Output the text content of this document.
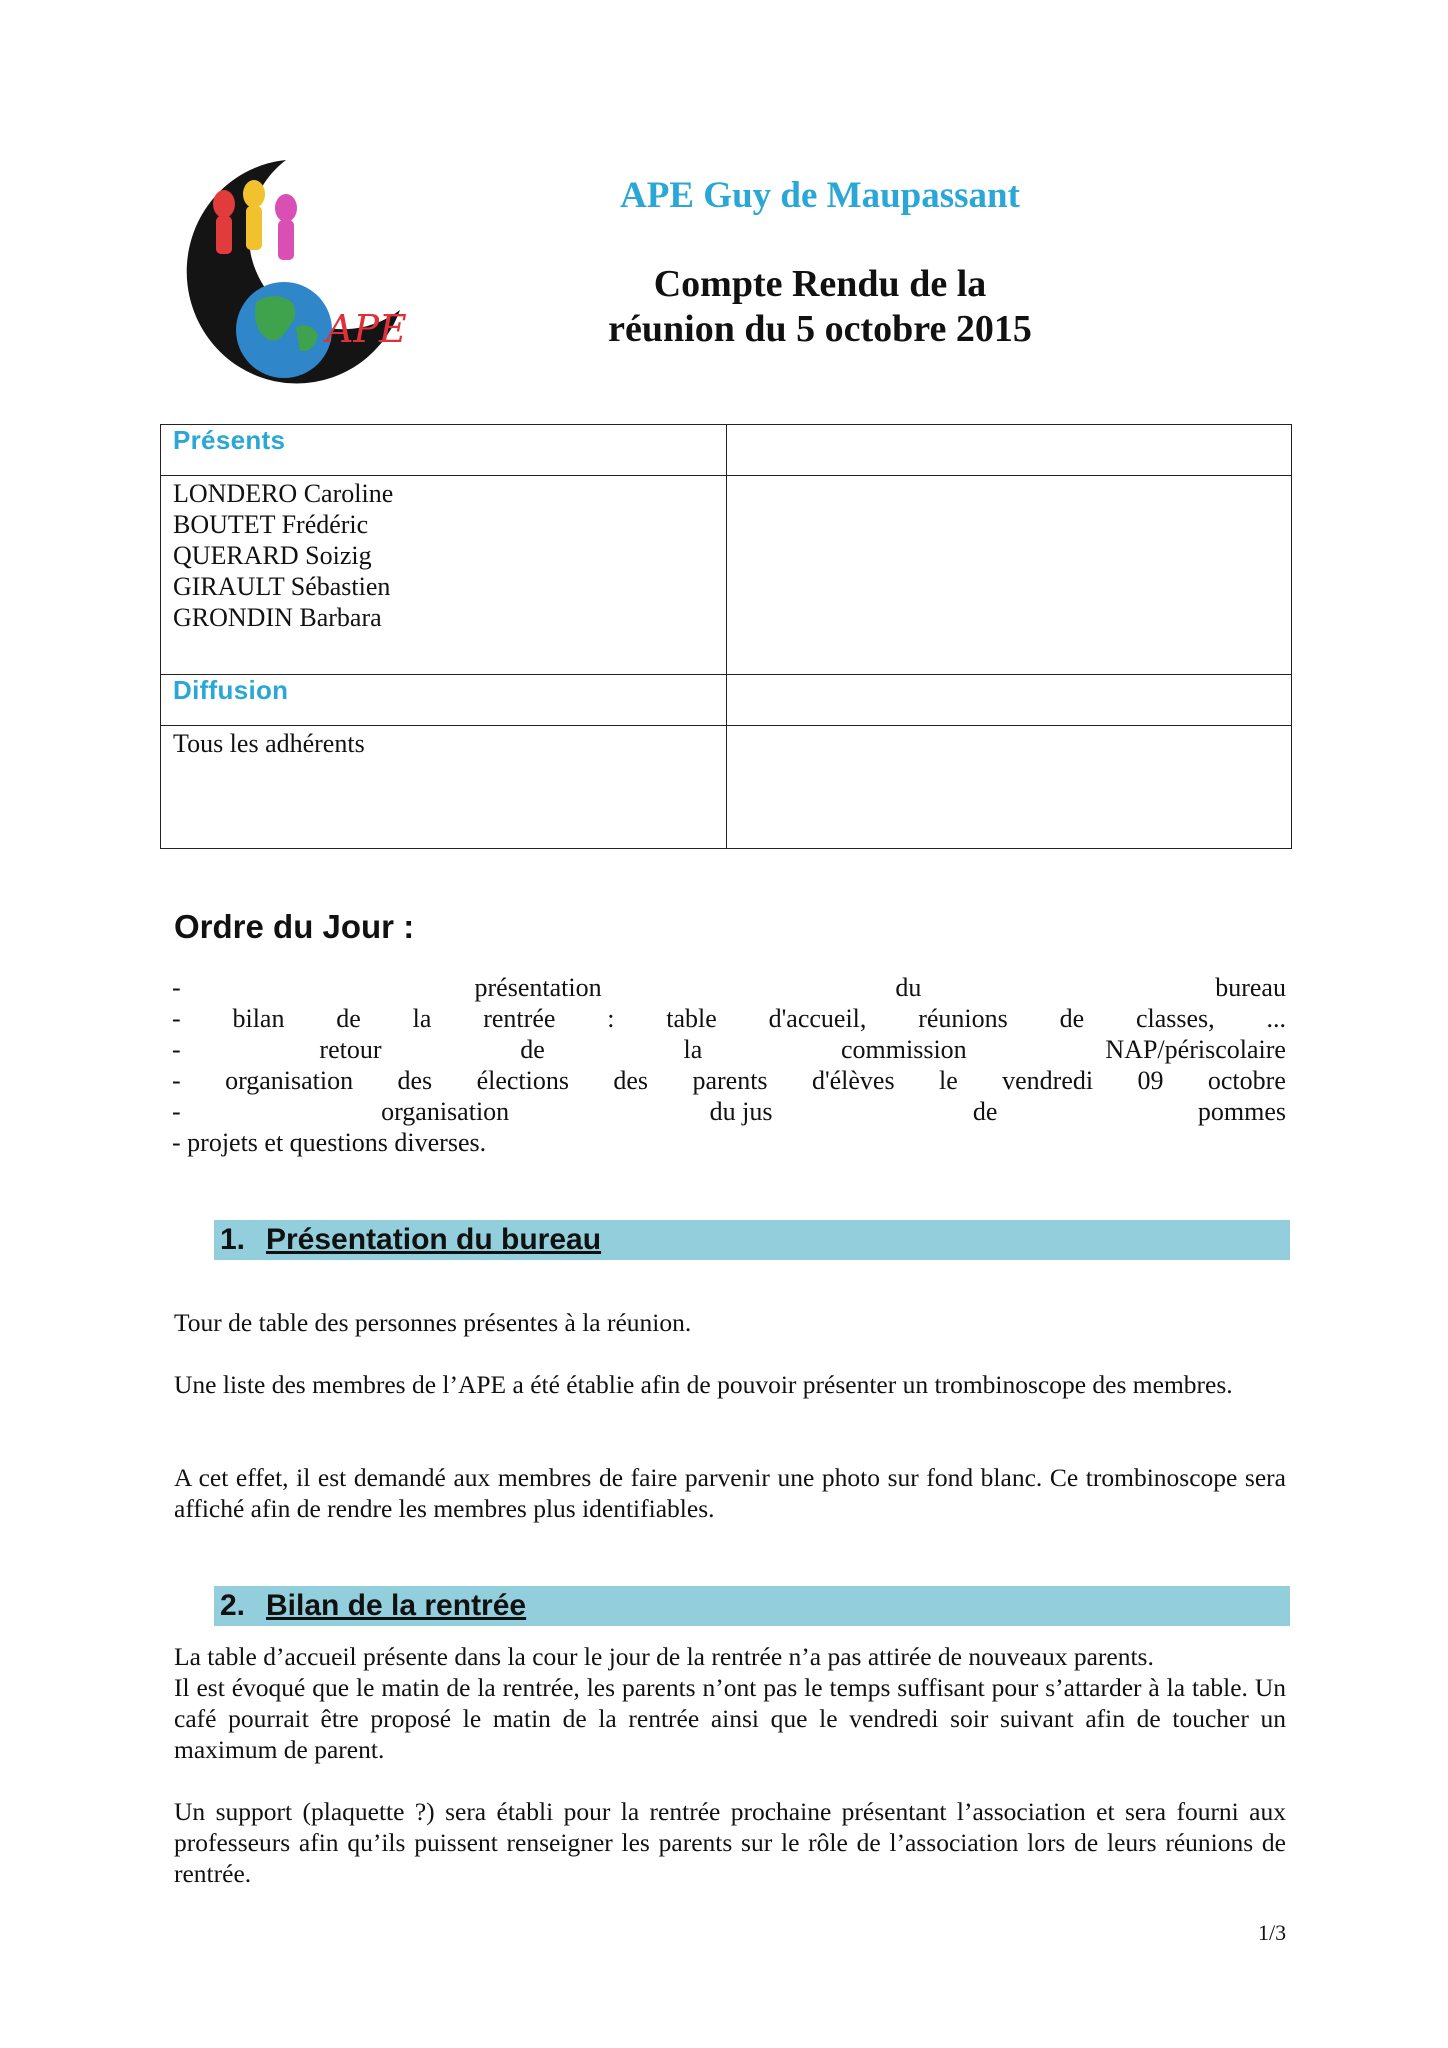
APE
APE Guy de Maupassant
Compte Rendu de la
réunion du 5 octobre 2015
Présents	

LONDERO Caroline
BOUTET Frédéric
QUERARD Soizig
GIRAULT Sébastien
GRONDIN Barbara	

Diffusion	
Tous les adhérents	
Ordre du Jour :
-	présentation	du	bureau
- bilan de la rentrée : table d'accueil, réunions de classes, ...
-	retour	de	la	commission	NAP/périscolaire
- organisation des élections des parents d'élèves le vendredi 09 octobre
-	organisation	du jus	de	pommes
- projets et questions diverses.
1. Présentation du bureau
Tour de table des personnes présentes à la réunion.
Une liste des membres de l’APE a été établie afin de pouvoir présenter un trombinoscope des membres.
A cet effet, il est demandé aux membres de faire parvenir une photo sur fond blanc. Ce trombinoscope sera affiché afin de rendre les membres plus identifiables.
2. Bilan de la rentrée
La table d’accueil présente dans la cour le jour de la rentrée n’a pas attirée de nouveaux parents.
Il est évoqué que le matin de la rentrée, les parents n’ont pas le temps suffisant pour s’attarder à la table. Un café pourrait être proposé le matin de la rentrée ainsi que le vendredi soir suivant afin de toucher un maximum de parent.
Un support (plaquette ?) sera établi pour la rentrée prochaine présentant l’association et sera fourni aux professeurs afin qu’ils puissent renseigner les parents sur le rôle de l’association lors de leurs réunions de rentrée.
1/3
